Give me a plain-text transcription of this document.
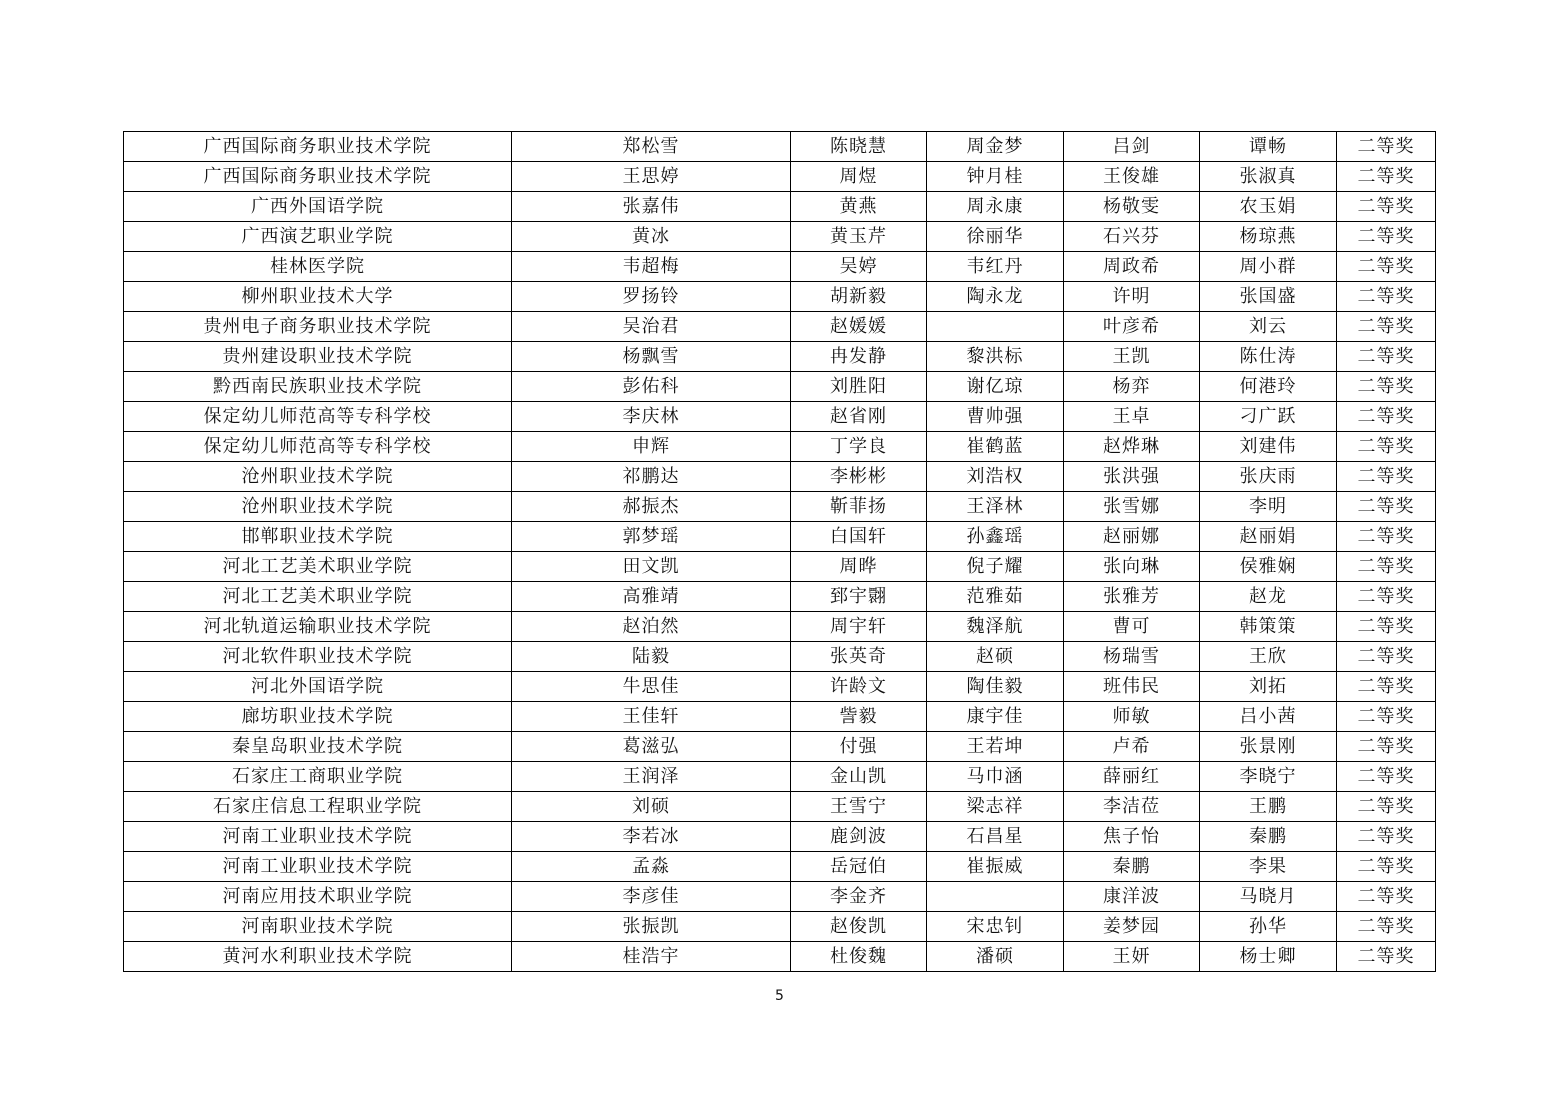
广西国际商务职业技术学院	郑松雪	陈晓慧	周金梦	吕剑	谭畅	二等奖
广西国际商务职业技术学院	王思婷	周煜	钟月桂	王俊雄	张淑真	二等奖
广西外国语学院	张嘉伟	黄燕	周永康	杨敬雯	农玉娟	二等奖
广西演艺职业学院	黄冰	黄玉芹	徐丽华	石兴芬	杨琼燕	二等奖
桂林医学院	韦超梅	吴婷	韦红丹	周政希	周小群	二等奖
柳州职业技术大学	罗扬铃	胡新毅	陶永龙	许明	张国盛	二等奖
贵州电子商务职业技术学院	吴治君	赵媛媛		叶彦希	刘云	二等奖
贵州建设职业技术学院	杨飘雪	冉发静	黎洪标	王凯	陈仕涛	二等奖
黔西南民族职业技术学院	彭佑科	刘胜阳	谢亿琼	杨弈	何港玲	二等奖
保定幼儿师范高等专科学校	李庆林	赵省刚	曹帅强	王卓	刁广跃	二等奖
保定幼儿师范高等专科学校	申辉	丁学良	崔鹤蓝	赵烨琳	刘建伟	二等奖
沧州职业技术学院	祁鹏达	李彬彬	刘浩权	张洪强	张庆雨	二等奖
沧州职业技术学院	郝振杰	靳菲扬	王泽林	张雪娜	李明	二等奖
邯郸职业技术学院	郭梦瑶	白国轩	孙鑫瑶	赵丽娜	赵丽娟	二等奖
河北工艺美术职业学院	田文凯	周晔	倪子耀	张向琳	侯雅娴	二等奖
河北工艺美术职业学院	高雅靖	郅宇翾	范雅茹	张雅芳	赵龙	二等奖
河北轨道运输职业技术学院	赵泊然	周宇轩	魏泽航	曹可	韩策策	二等奖
河北软件职业技术学院	陆毅	张英奇	赵硕	杨瑞雪	王欣	二等奖
河北外国语学院	牛思佳	许龄文	陶佳毅	班伟民	刘拓	二等奖
廊坊职业技术学院	王佳轩	訾毅	康宇佳	师敏	吕小茜	二等奖
秦皇岛职业技术学院	葛滋弘	付强	王若坤	卢希	张景刚	二等奖
石家庄工商职业学院	王润泽	金山凯	马巾涵	薛丽红	李晓宁	二等奖
石家庄信息工程职业学院	刘硕	王雪宁	梁志祥	李洁莅	王鹏	二等奖
河南工业职业技术学院	李若冰	鹿剑波	石昌星	焦子怡	秦鹏	二等奖
河南工业职业技术学院	孟淼	岳冠伯	崔振威	秦鹏	李果	二等奖
河南应用技术职业学院	李彦佳	李金齐		康洋波	马晓月	二等奖
河南职业技术学院	张振凯	赵俊凯	宋忠钊	姜梦园	孙华	二等奖
黄河水利职业技术学院	桂浩宇	杜俊魏	潘硕	王妍	杨士卿	二等奖
5
